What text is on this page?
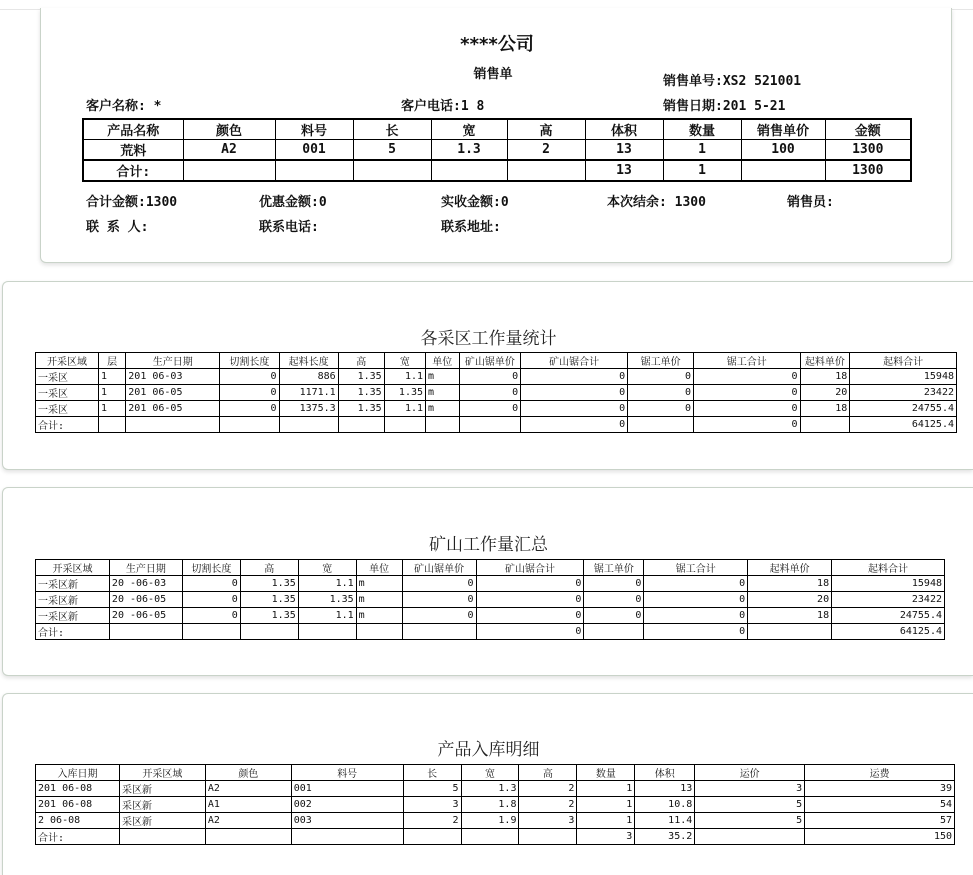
****公司
销售单	销售单号:XS2 521001
客户名称: *	客户电话:1 8	销售日期:201 5-21
产品名称	颜色	料号	长	宽	高	体积	数量	销售单价	金额
荒料	A2	001	5	1.3	2	13	1	100	1300
合计:						13	1		1300
合计金额:1300	优惠金额:0	实收金额:0	本次结余: 1300	销售员:
联 系 人:	联系电话:	联系地址:
各采区工作量统计
开采区域	层	生产日期	切割长度	起料长度	高	宽	单位	矿山锯单价	矿山锯合计	锯工单价	锯工合计	起料单价	起料合计
一采区	1	201 06-03	0	886	1.35	1.1	m	0	0	0	0	18	15948
一采区	1	201 06-05	0	1171.1	1.35	1.35	m	0	0	0	0	20	23422
一采区	1	201 06-05	0	1375.3	1.35	1.1	m	0	0	0	0	18	24755.4
合计:									0		0		64125.4
矿山工作量汇总
开采区域	生产日期	切割长度	高	宽	单位	矿山锯单价	矿山锯合计	锯工单价	锯工合计	起料单价	起料合计
一采区新	20 -06-03	0	1.35	1.1	m	0	0	0	0	18	15948
一采区新	20 -06-05	0	1.35	1.35	m	0	0	0	0	20	23422
一采区新	20 -06-05	0	1.35	1.1	m	0	0	0	0	18	24755.4
合计:							0		0		64125.4
产品入库明细
入库日期	开采区域	颜色	料号	长	宽	高	数量	体积	运价	运费
201 06-08	采区新	A2	001	5	1.3	2	1	13	3	39
201 06-08	采区新	A1	002	3	1.8	2	1	10.8	5	54
2 06-08	采区新	A2	003	2	1.9	3	1	11.4	5	57
合计:							3	35.2		150
